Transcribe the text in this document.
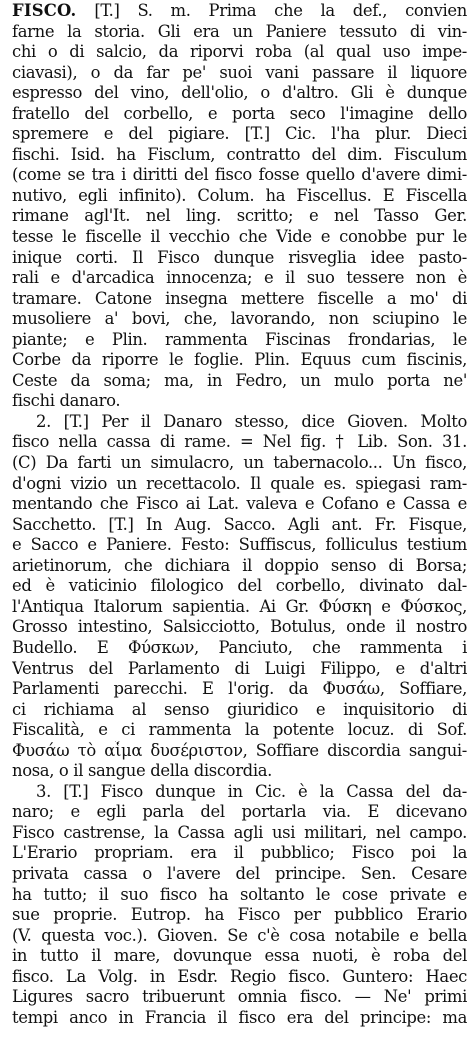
FISCO. [T.] S. m. Prima che la def., convien
farne la storia. Gli era un Paniere tessuto di vin-
chi o di salcio, da riporvi roba (al qual uso impe-
ciavasi), o da far pe' suoi vani passare il liquore
espresso del vino, dell'olio, o d'altro. Gli è dunque
fratello del corbello, e porta seco l'imagine dello
spremere e del pigiare. [T.] Cic. l'ha plur. Dieci
fischi. Isid. ha Fisclum, contratto del dim. Fisculum
(come se tra i diritti del fisco fosse quello d'avere dimi-
nutivo, egli infinito). Colum. ha Fiscellus. E Fiscella
rimane agl'It. nel ling. scritto; e nel Tasso Ger.
tesse le fiscelle il vecchio che Vide e conobbe pur le
inique corti. Il Fisco dunque risveglia idee pasto-
rali e d'arcadica innocenza; e il suo tessere non è
tramare. Catone insegna mettere fiscelle a mo' di
musoliere a' bovi, che, lavorando, non sciupino le
piante; e Plin. rammenta Fiscinas frondarias, le
Corbe da riporre le foglie. Plin. Equus cum fiscinis,
Ceste da soma; ma, in Fedro, un mulo porta ne'
fischi danaro.
2. [T.] Per il Danaro stesso, dice Gioven. Molto
fisco nella cassa di rame. = Nel fig. † Lib. Son. 31.
(C) Da farti un simulacro, un tabernacolo... Un fisco,
d'ogni vizio un recettacolo. Il quale es. spiegasi ram-
mentando che Fisco ai Lat. valeva e Cofano e Cassa e
Sacchetto. [T.] In Aug. Sacco. Agli ant. Fr. Fisque,
e Sacco e Paniere. Festo: Suffiscus, folliculus testium
arietinorum, che dichiara il doppio senso di Borsa;
ed è vaticinio filologico del corbello, divinato dal-
l'Antiqua Italorum sapientia. Ai Gr. Φύσκη e Φύσκος,
Grosso intestino, Salsicciotto, Botulus, onde il nostro
Budello. E Φύσκων, Panciuto, che rammenta i
Ventrus del Parlamento di Luigi Filippo, e d'altri
Parlamenti parecchi. E l'orig. da Φυσάω, Soffiare,
ci richiama al senso giuridico e inquisitorio di
Fiscalità, e ci rammenta la potente locuz. di Sof.
Φυσάω τὸ αἷμα δυσέριστον, Soffiare discordia sangui-
nosa, o il sangue della discordia.
3. [T.] Fisco dunque in Cic. è la Cassa del da-
naro; e egli parla del portarla via. E dicevano
Fisco castrense, la Cassa agli usi militari, nel campo.
L'Erario propriam. era il pubblico; Fisco poi la
privata cassa o l'avere del principe. Sen. Cesare
ha tutto; il suo fisco ha soltanto le cose private e
sue proprie. Eutrop. ha Fisco per pubblico Erario
(V. questa voc.). Gioven. Se c'è cosa notabile e bella
in tutto il mare, dovunque essa nuoti, è roba del
fisco. La Volg. in Esdr. Regio fisco. Guntero: Haec
Ligures sacro tribuerunt omnia fisco. — Ne' primi
tempi anco in Francia il fisco era del principe: ma
